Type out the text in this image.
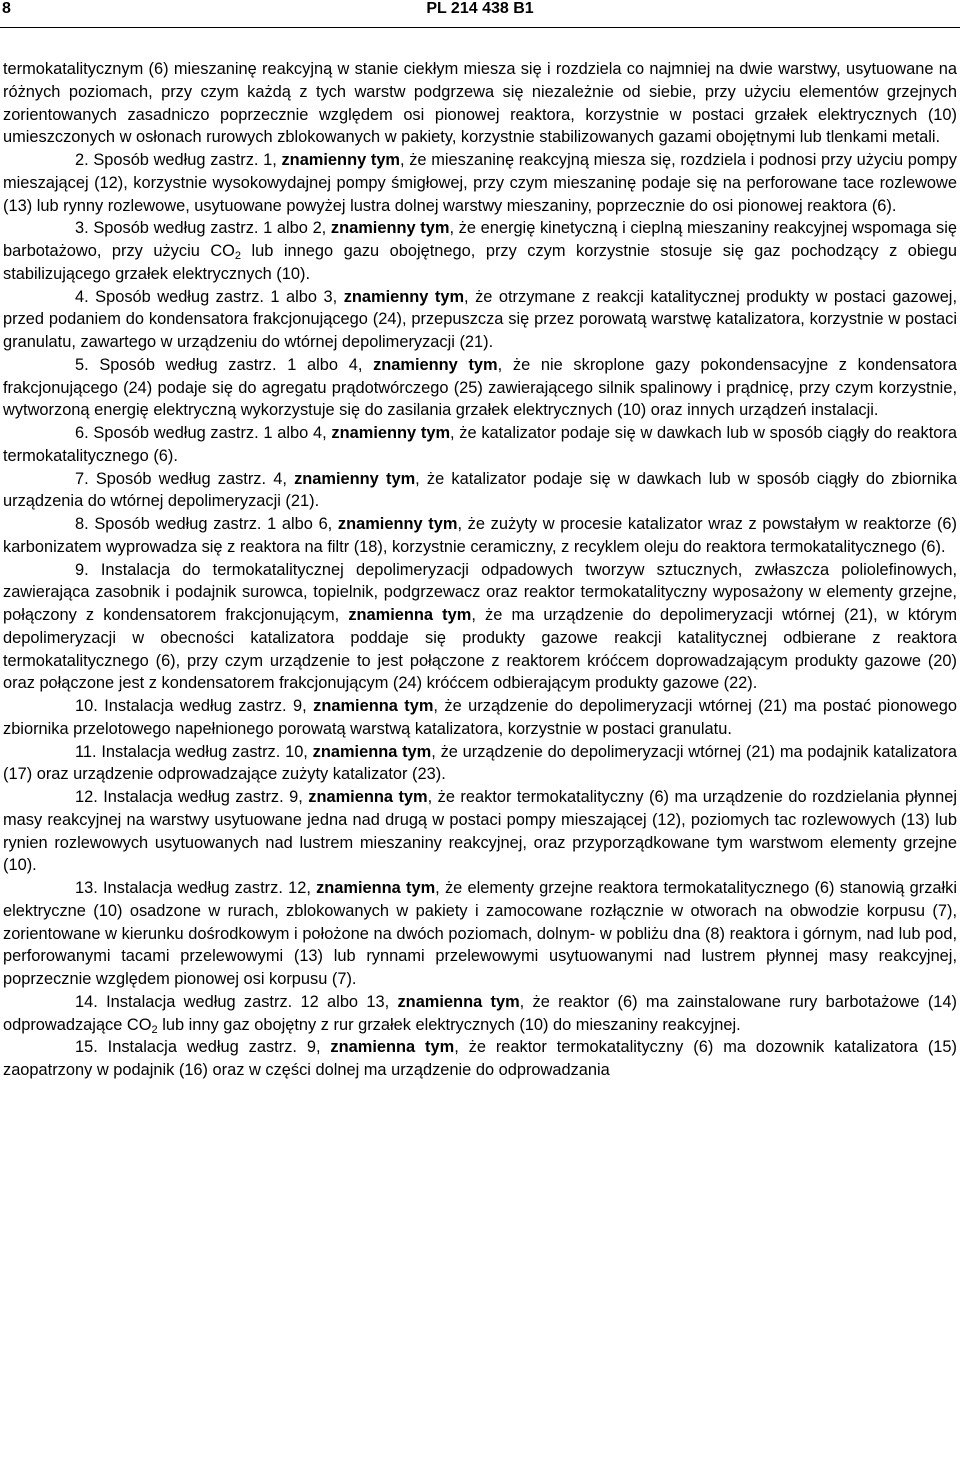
8	PL 214 438 B1

termokatalitycznym (6) mieszaninę reakcyjną w stanie ciekłym miesza się i rozdziela co najmniej na dwie warstwy, usytuowane na różnych poziomach, przy czym każdą z tych warstw podgrzewa się niezależnie od siebie, przy użyciu elementów grzejnych zorientowanych zasadniczo poprzecznie względem osi pionowej reaktora, korzystnie w postaci grzałek elektrycznych (10) umieszczonych w osłonach rurowych zblokowanych w pakiety, korzystnie stabilizowanych gazami obojętnymi lub tlenkami metali.

2. Sposób według zastrz. 1, znamienny tym, że mieszaninę reakcyjną miesza się, rozdziela i podnosi przy użyciu pompy mieszającej (12), korzystnie wysokowydajnej pompy śmigłowej, przy czym mieszaninę podaje się na perforowane tace rozlewowe (13) lub rynny rozlewowe, usytuowane powyżej lustra dolnej warstwy mieszaniny, poprzecznie do osi pionowej reaktora (6).

3. Sposób według zastrz. 1 albo 2, znamienny tym, że energię kinetyczną i cieplną mieszaniny reakcyjnej wspomaga się barbotażowo, przy użyciu $CO_2$ lub innego gazu obojętnego, przy czym korzystnie stosuje się gaz pochodzący z obiegu stabilizującego grzałek elektrycznych (10).

4. Sposób według zastrz. 1 albo 3, znamienny tym, że otrzymane z reakcji katalitycznej produkty w postaci gazowej, przed podaniem do kondensatora frakcjonującego (24), przepuszcza się przez porowatą warstwę katalizatora, korzystnie w postaci granulatu, zawartego w urządzeniu do wtórnej depolimeryzacji (21).

5. Sposób według zastrz. 1 albo 4, znamienny tym, że nie skroplone gazy pokondensacyjne z kondensatora frakcjonującego (24) podaje się do agregatu prądotwórczego (25) zawierającego silnik spalinowy i prądnicę, przy czym korzystnie, wytworzoną energię elektryczną wykorzystuje się do zasilania grzałek elektrycznych (10) oraz innych urządzeń instalacji.

6. Sposób według zastrz. 1 albo 4, znamienny tym, że katalizator podaje się w dawkach lub w sposób ciągły do reaktora termokatalitycznego (6).

7. Sposób według zastrz. 4, znamienny tym, że katalizator podaje się w dawkach lub w sposób ciągły do zbiornika urządzenia do wtórnej depolimeryzacji (21).

8. Sposób według zastrz. 1 albo 6, znamienny tym, że zużyty w procesie katalizator wraz z powstałym w reaktorze (6) karbonizatem wyprowadza się z reaktora na filtr (18), korzystnie ceramiczny, z recyklem oleju do reaktora termokatalitycznego (6).

9. Instalacja do termokatalitycznej depolimeryzacji odpadowych tworzyw sztucznych, zwłaszcza poliolefinowych, zawierająca zasobnik i podajnik surowca, topielnik, podgrzewacz oraz reaktor termokatalityczny wyposażony w elementy grzejne, połączony z kondensatorem frakcjonującym, znamienna tym, że ma urządzenie do depolimeryzacji wtórnej (21), w którym depolimeryzacji w obecności katalizatora poddaje się produkty gazowe reakcji katalitycznej odbierane z reaktora termokatalitycznego (6), przy czym urządzenie to jest połączone z reaktorem króćcem doprowadzającym produkty gazowe (20) oraz połączone jest z kondensatorem frakcjonującym (24) króćcem odbierającym produkty gazowe (22).

10. Instalacja według zastrz. 9, znamienna tym, że urządzenie do depolimeryzacji wtórnej (21) ma postać pionowego zbiornika przelotowego napełnionego porowatą warstwą katalizatora, korzystnie w postaci granulatu.

11. Instalacja według zastrz. 10, znamienna tym, że urządzenie do depolimeryzacji wtórnej (21) ma podajnik katalizatora (17) oraz urządzenie odprowadzające zużyty katalizator (23).

12. Instalacja według zastrz. 9, znamienna tym, że reaktor termokatalityczny (6) ma urządzenie do rozdzielania płynnej masy reakcyjnej na warstwy usytuowane jedna nad drugą w postaci pompy mieszającej (12), poziomych tac rozlewowych (13) lub rynien rozlewowych usytuowanych nad lustrem mieszaniny reakcyjnej, oraz przyporządkowane tym warstwom elementy grzejne (10).

13. Instalacja według zastrz. 12, znamienna tym, że elementy grzejne reaktora termokatalitycznego (6) stanowią grzałki elektryczne (10) osadzone w rurach, zblokowanych w pakiety i zamocowane rozłącznie w otworach na obwodzie korpusu (7), zorientowane w kierunku dośrodkowym i położone na dwóch poziomach, dolnym- w pobliżu dna (8) reaktora i górnym, nad lub pod, perforowanymi tacami przelewowymi (13) lub rynnami przelewowymi usytuowanymi nad lustrem płynnej masy reakcyjnej, poprzecznie względem pionowej osi korpusu (7).

14. Instalacja według zastrz. 12 albo 13, znamienna tym, że reaktor (6) ma zainstalowane rury barbotażowe (14) odprowadzające $CO_2$ lub inny gaz obojętny z rur grzałek elektrycznych (10) do mieszaniny reakcyjnej.

15. Instalacja według zastrz. 9, znamienna tym, że reaktor termokatalityczny (6) ma dozownik katalizatora (15) zaopatrzony w podajnik (16) oraz w części dolnej ma urządzenie do odprowadzania
